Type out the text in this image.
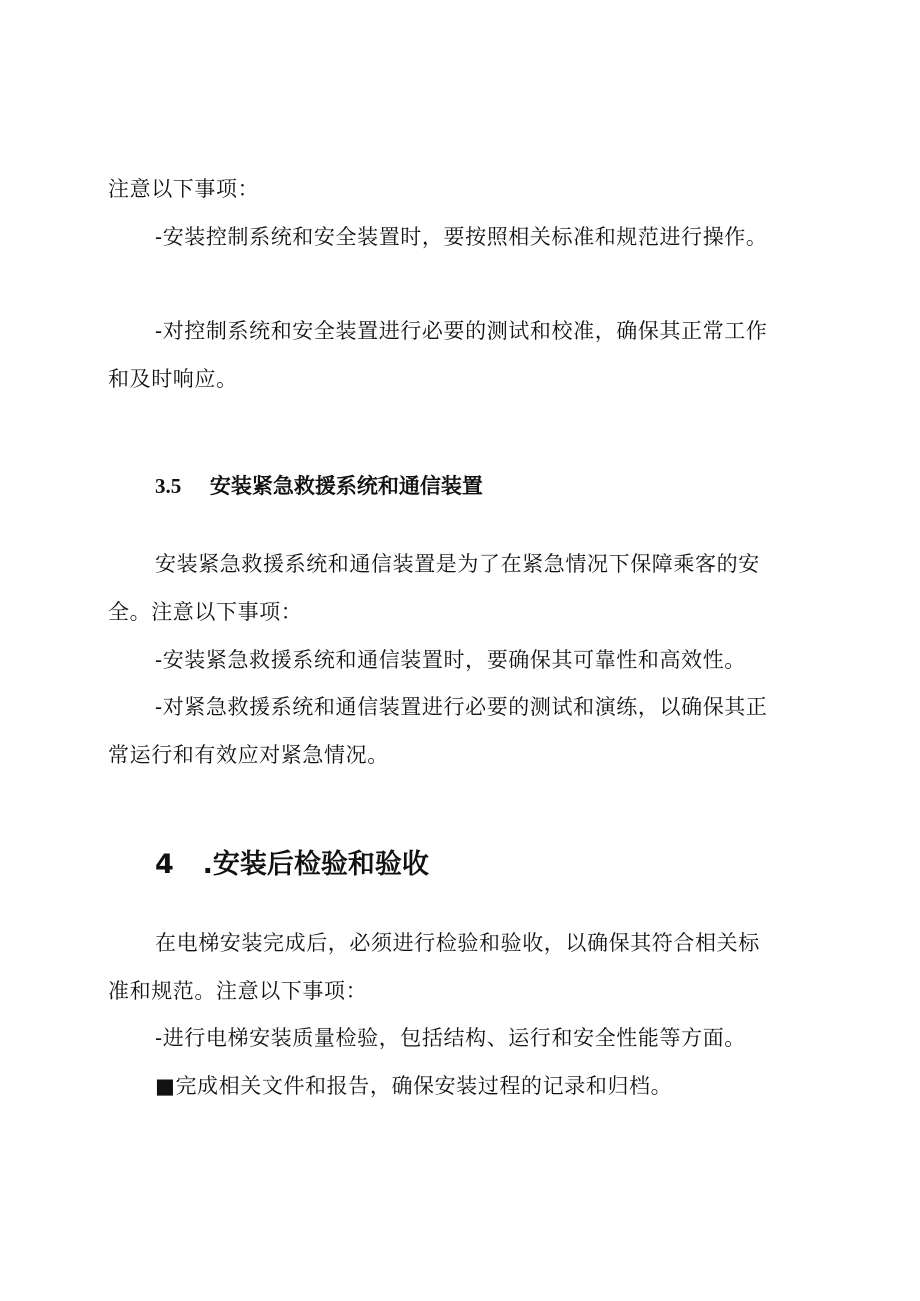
注意以下事项：
-安装控制系统和安全装置时，要按照相关标准和规范进行操作。
-对控制系统和安全装置进行必要的测试和校准，确保其正常工作
和及时响应。
3.5 安装紧急救援系统和通信装置
安装紧急救援系统和通信装置是为了在紧急情况下保障乘客的安
全。注意以下事项：
-安装紧急救援系统和通信装置时，要确保其可靠性和高效性。
-对紧急救援系统和通信装置进行必要的测试和演练，以确保其正
常运行和有效应对紧急情况。
4 .安装后检验和验收
在电梯安装完成后，必须进行检验和验收，以确保其符合相关标
准和规范。注意以下事项：
-进行电梯安装质量检验，包括结构、运行和安全性能等方面。
■完成相关文件和报告，确保安装过程的记录和归档。
